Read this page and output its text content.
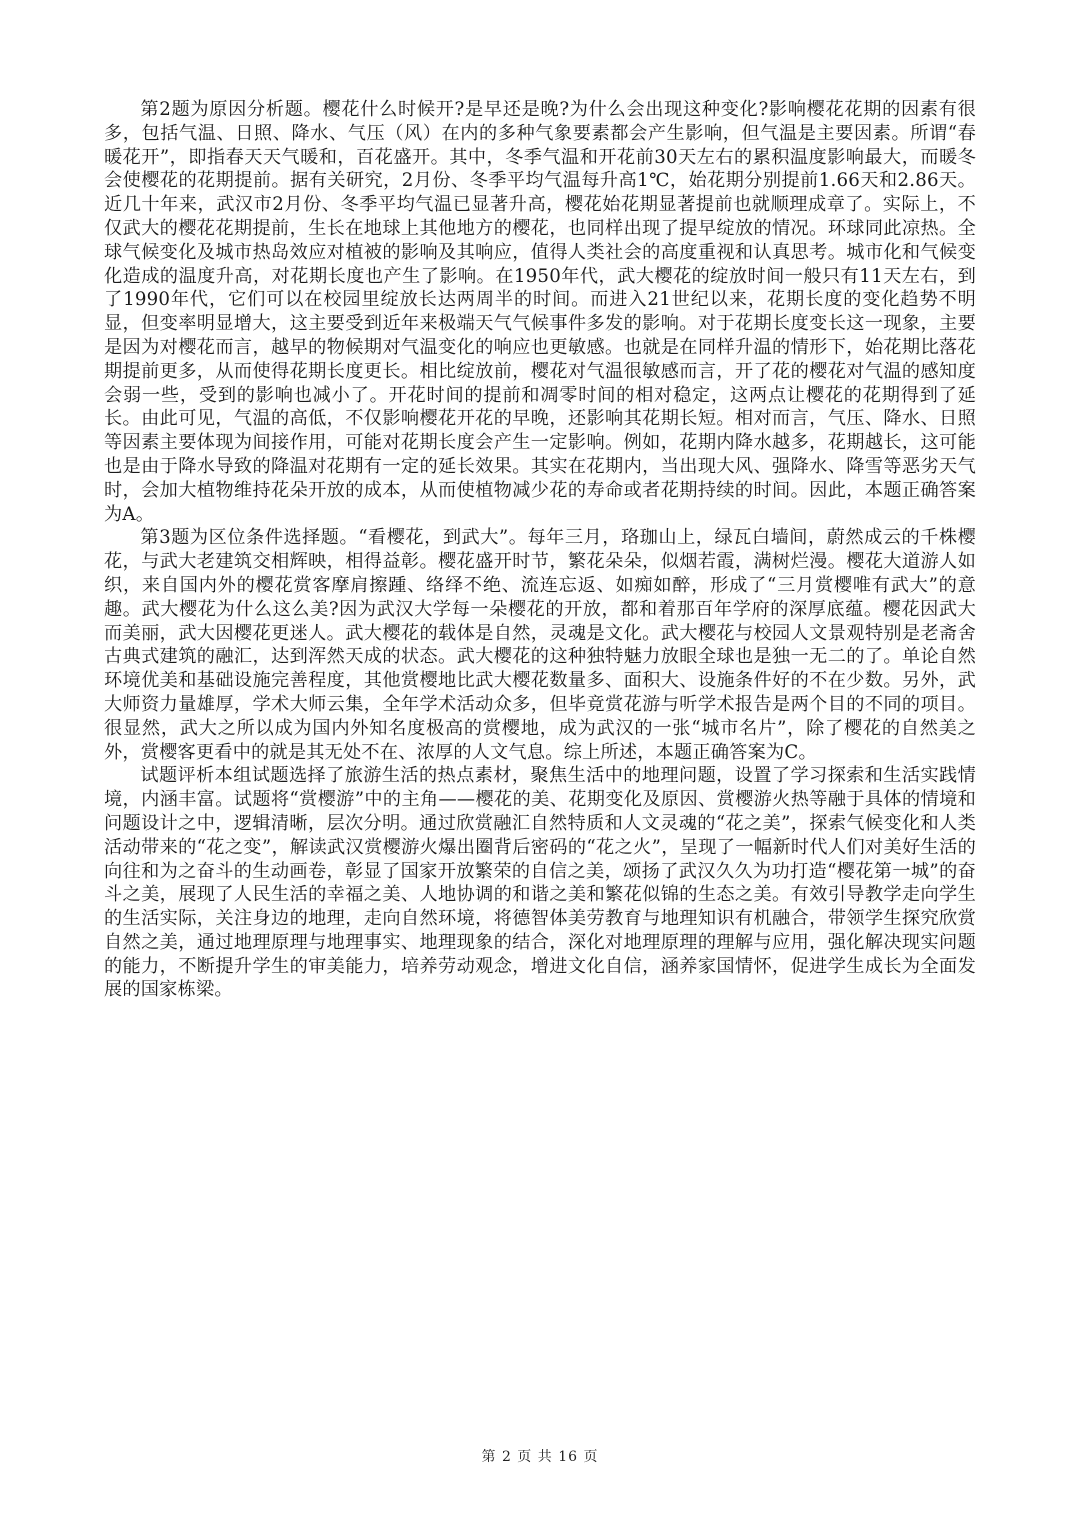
第2题为原因分析题。樱花什么时候开?是早还是晚?为什么会出现这种变化?影响樱花花期的因素有很多，包括气温、日照、降水、气压（风）在内的多种气象要素都会产生影响，但气温是主要因素。所谓“春暖花开”，即指春天天气暖和，百花盛开。其中，冬季气温和开花前30天左右的累积温度影响最大，而暖冬会使樱花的花期提前。据有关研究，2月份、冬季平均气温每升高1℃，始花期分别提前1.66天和2.86天。近几十年来，武汉市2月份、冬季平均气温已显著升高，樱花始花期显著提前也就顺理成章了。实际上，不仅武大的樱花花期提前，生长在地球上其他地方的樱花，也同样出现了提早绽放的情况。环球同此凉热。全球气候变化及城市热岛效应对植被的影响及其响应，值得人类社会的高度重视和认真思考。城市化和气候变化造成的温度升高，对花期长度也产生了影响。在1950年代，武大樱花的绽放时间一般只有11天左右，到了1990年代，它们可以在校园里绽放长达两周半的时间。而进入21世纪以来，花期长度的变化趋势不明显，但变率明显增大，这主要受到近年来极端天气气候事件多发的影响。对于花期长度变长这一现象，主要是因为对樱花而言，越早的物候期对气温变化的响应也更敏感。也就是在同样升温的情形下，始花期比落花期提前更多，从而使得花期长度更长。相比绽放前，樱花对气温很敏感而言，开了花的樱花对气温的感知度会弱一些，受到的影响也减小了。开花时间的提前和凋零时间的相对稳定，这两点让樱花的花期得到了延长。由此可见，气温的高低，不仅影响樱花开花的早晚，还影响其花期长短。相对而言，气压、降水、日照等因素主要体现为间接作用，可能对花期长度会产生一定影响。例如，花期内降水越多，花期越长，这可能也是由于降水导致的降温对花期有一定的延长效果。其实在花期内，当出现大风、强降水、降雪等恶劣天气时，会加大植物维持花朵开放的成本，从而使植物减少花的寿命或者花期持续的时间。因此，本题正确答案为A。

第3题为区位条件选择题。“看樱花，到武大”。每年三月，珞珈山上，绿瓦白墙间，蔚然成云的千株樱花，与武大老建筑交相辉映，相得益彰。樱花盛开时节，繁花朵朵，似烟若霞，满树烂漫。樱花大道游人如织，来自国内外的樱花赏客摩肩擦踵、络绎不绝、流连忘返、如痴如醉，形成了“三月赏樱唯有武大”的意趣。武大樱花为什么这么美?因为武汉大学每一朵樱花的开放，都和着那百年学府的深厚底蕴。樱花因武大而美丽，武大因樱花更迷人。武大樱花的载体是自然，灵魂是文化。武大樱花与校园人文景观特别是老斋舍古典式建筑的融汇，达到浑然天成的状态。武大樱花的这种独特魅力放眼全球也是独一无二的了。单论自然环境优美和基础设施完善程度，其他赏樱地比武大樱花数量多、面积大、设施条件好的不在少数。另外，武大师资力量雄厚，学术大师云集，全年学术活动众多，但毕竟赏花游与听学术报告是两个目的不同的项目。很显然，武大之所以成为国内外知名度极高的赏樱地，成为武汉的一张“城市名片”，除了樱花的自然美之外，赏樱客更看中的就是其无处不在、浓厚的人文气息。综上所述，本题正确答案为C。

试题评析本组试题选择了旅游生活的热点素材，聚焦生活中的地理问题，设置了学习探索和生活实践情境，内涵丰富。试题将“赏樱游”中的主角——樱花的美、花期变化及原因、赏樱游火热等融于具体的情境和问题设计之中，逻辑清晰，层次分明。通过欣赏融汇自然特质和人文灵魂的“花之美”，探索气候变化和人类活动带来的“花之变”，解读武汉赏樱游火爆出圈背后密码的“花之火”，呈现了一幅新时代人们对美好生活的向往和为之奋斗的生动画卷，彰显了国家开放繁荣的自信之美，颂扬了武汉久久为功打造“樱花第一城”的奋斗之美，展现了人民生活的幸福之美、人地协调的和谐之美和繁花似锦的生态之美。有效引导教学走向学生的生活实际，关注身边的地理，走向自然环境，将德智体美劳教育与地理知识有机融合，带领学生探究欣赏自然之美，通过地理原理与地理事实、地理现象的结合，深化对地理原理的理解与应用，强化解决现实问题的能力，不断提升学生的审美能力，培养劳动观念，增进文化自信，涵养家国情怀，促进学生成长为全面发展的国家栋梁。

第 2 页 共 16 页
